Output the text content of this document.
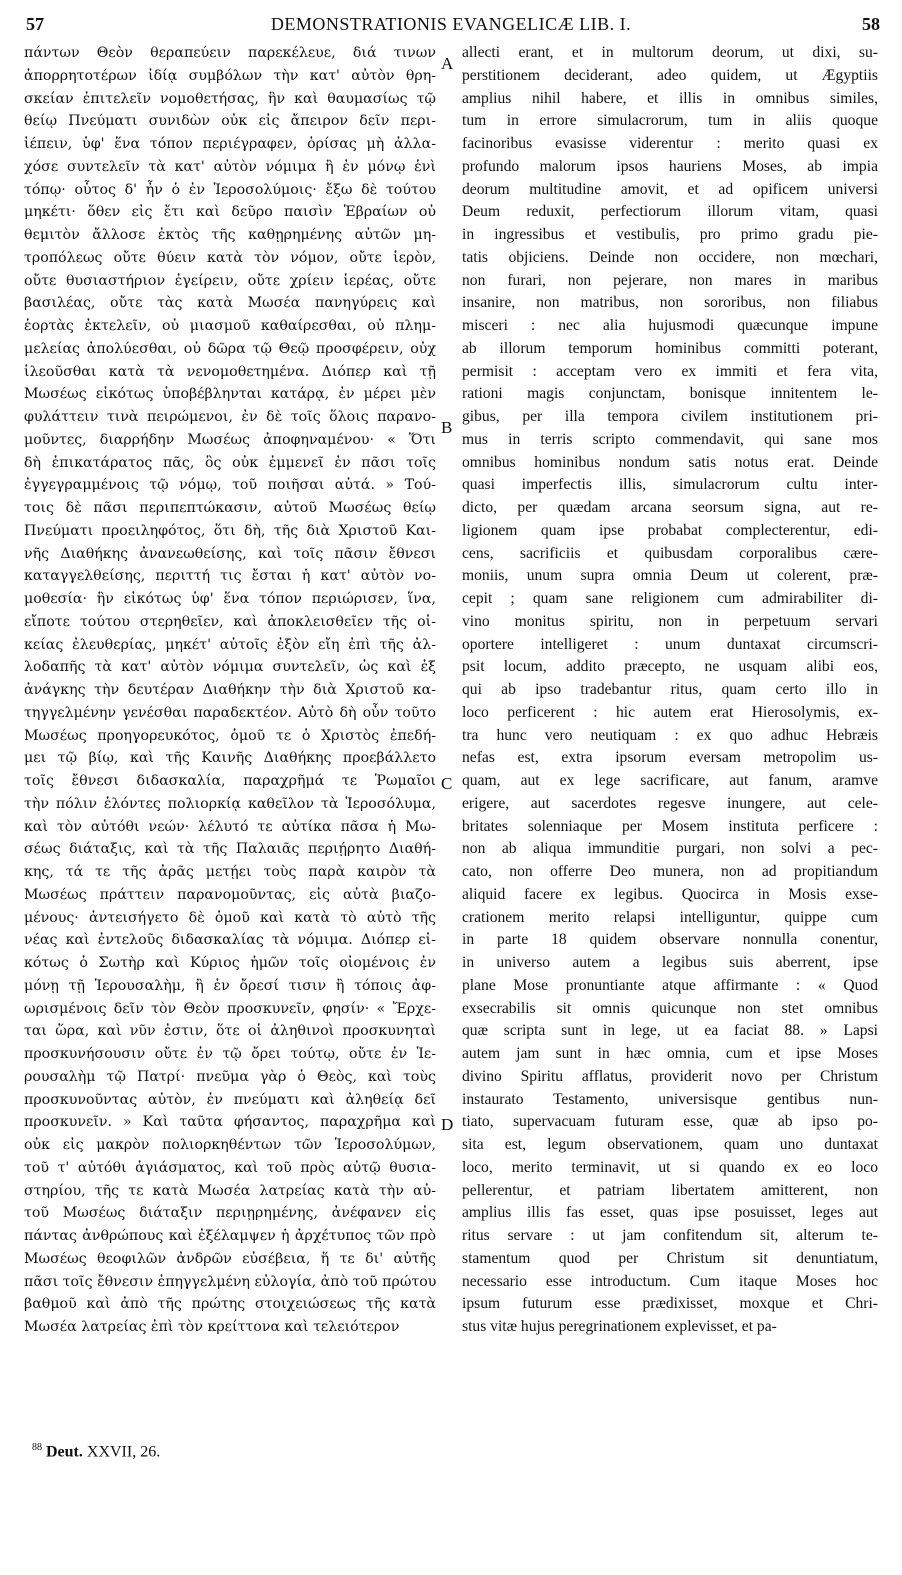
57	DEMONSTRATIONIS EVANGELICÆ LIB. I.	58
πάντων Θεὸν θεραπεύειν παρεκέλευε, διά τινων
ἀπορρητοτέρων ἰδίᾳ συμβόλων τὴν κατ' αὐτὸν θρη-
σκείαν ἐπιτελεῖν νομοθετήσας, ἣν καὶ θαυμασίως τῷ
θείῳ Πνεύματι συνιδὼν οὐκ εἰς ἄπειρον δεῖν περι-
ἱέπειν, ὑφ' ἕνα τόπον περιέγραφεν, ὁρίσας μὴ ἀλλα-
χόσε συντελεῖν τὰ κατ' αὐτὸν νόμιμα ἢ ἐν μόνῳ ἑνὶ
τόπῳ· οὗτος δ' ἦν ὁ ἐν Ἱεροσολύμοις· ἔξω δὲ τούτου
μηκέτι· ὅθεν εἰς ἔτι καὶ δεῦρο παισὶν Ἑβραίων οὐ
θεμιτὸν ἄλλοσε ἐκτὸς τῆς καθῃρημένης αὐτῶν μη-
τροπόλεως οὔτε θύειν κατὰ τὸν νόμον, οὔτε ἱερὸν,
οὔτε θυσιαστήριον ἐγείρειν, οὔτε χρίειν ἱερέας, οὔτε
βασιλέας, οὔτε τὰς κατὰ Μωσέα πανηγύρεις καὶ
ἑορτὰς ἐκτελεῖν, οὐ μιασμοῦ καθαίρεσθαι, οὐ πλημ-
μελείας ἀπολύεσθαι, οὐ δῶρα τῷ Θεῷ προσφέρειν, οὐχ
ἱλεοῦσθαι κατὰ τὰ νενομοθετημένα. Διόπερ καὶ τῇ
Μωσέως εἰκότως ὑποβέβληνται κατάρᾳ, ἐν μέρει μὲν
φυλάττειν τινὰ πειρώμενοι, ἐν δὲ τοῖς ὅλοις παρανο-
μοῦντες, διαρρήδην Μωσέως ἀποφηναμένου· « Ὅτι
δὴ ἐπικατάρατος πᾶς, ὃς οὐκ ἐμμενεῖ ἐν πᾶσι τοῖς
ἐγγεγραμμένοις τῷ νόμῳ, τοῦ ποιῆσαι αὐτά. » Τού-
τοις δὲ πᾶσι περιπεπτώκασιν, αὐτοῦ Μωσέως θείῳ
Πνεύματι προειληφότος, ὅτι δὴ, τῆς διὰ Χριστοῦ Και-
νῆς Διαθήκης ἀνανεωθείσης, καὶ τοῖς πᾶσιν ἔθνεσι
καταγγελθείσης, περιττή τις ἔσται ἡ κατ' αὐτὸν νο-
μοθεσία· ἣν εἰκότως ὑφ' ἕνα τόπον περιώρισεν, ἵνα,
εἴποτε τούτου στερηθεῖεν, καὶ ἀποκλεισθεῖεν τῆς οἰ-
κείας ἐλευθερίας, μηκέτ' αὐτοῖς ἐξὸν εἴη ἐπὶ τῆς ἀλ-
λοδαπῆς τὰ κατ' αὐτὸν νόμιμα συντελεῖν, ὡς καὶ ἐξ
ἀνάγκης τὴν δευτέραν Διαθήκην τὴν διὰ Χριστοῦ κα-
τηγγελμένην γενέσθαι παραδεκτέον. Αὐτὸ δὴ οὖν τοῦτο
Μωσέως προηγορευκότος, ὁμοῦ τε ὁ Χριστὸς ἐπεδή-
μει τῷ βίῳ, καὶ τῆς Καινῆς Διαθήκης προεβάλλετο
τοῖς ἔθνεσι διδασκαλία, παραχρῆμά τε Ῥωμαῖοι
τὴν πόλιν ἑλόντες πολιορκίᾳ καθεῖλον τὰ Ἱεροσόλυμα,
καὶ τὸν αὐτόθι νεών· λέλυτό τε αὐτίκα πᾶσα ἡ Μω-
σέως διάταξις, καὶ τὰ τῆς Παλαιᾶς περιῄρητο Διαθή-
κης, τά τε τῆς ἀρᾶς μετῄει τοὺς παρὰ καιρὸν τὰ
Μωσέως πράττειν παρανομοῦντας, εἰς αὐτὰ βιαζο-
μένους· ἀντεισήγετο δὲ ὁμοῦ καὶ κατὰ τὸ αὐτὸ τῆς
νέας καὶ ἐντελοῦς διδασκαλίας τὰ νόμιμα. Διόπερ εἰ-
κότως ὁ Σωτὴρ καὶ Κύριος ἡμῶν τοῖς οἰομένοις ἐν
μόνῃ τῇ Ἱερουσαλὴμ, ἢ ἐν ὄρεσί τισιν ἢ τόποις ἀφ-
ωρισμένοις δεῖν τὸν Θεὸν προσκυνεῖν, φησίν· « Ἔρχε-
ται ὥρα, καὶ νῦν ἐστιν, ὅτε οἱ ἀληθινοὶ προσκυνηταὶ
προσκυνήσουσιν οὔτε ἐν τῷ ὄρει τούτῳ, οὔτε ἐν Ἱε-
ρουσαλὴμ τῷ Πατρί· πνεῦμα γὰρ ὁ Θεὸς, καὶ τοὺς
προσκυνοῦντας αὐτὸν, ἐν πνεύματι καὶ ἀληθείᾳ δεῖ
προσκυνεῖν. » Καὶ ταῦτα φήσαντος, παραχρῆμα καὶ
οὐκ εἰς μακρὸν πολιορκηθέντων τῶν Ἱεροσολύμων,
τοῦ τ' αὐτόθι ἁγιάσματος, καὶ τοῦ πρὸς αὐτῷ θυσια-
στηρίου, τῆς τε κατὰ Μωσέα λατρείας κατὰ τὴν αὐ-
τοῦ Μωσέως διάταξιν περιῃρημένης, ἀνέφανεν εἰς
πάντας ἀνθρώπους καὶ ἐξέλαμψεν ἡ ἀρχέτυπος τῶν πρὸ
Μωσέως θεοφιλῶν ἀνδρῶν εὐσέβεια, ἥ τε δι' αὐτῆς
πᾶσι τοῖς ἔθνεσιν ἐπηγγελμένη εὐλογία, ἀπὸ τοῦ πρώτου
βαθμοῦ καὶ ἀπὸ τῆς πρώτης στοιχειώσεως τῆς κατὰ
Μωσέα λατρείας ἐπὶ τὸν κρείττονα καὶ τελειότερον
allecti erant, et in multorum deorum, ut dixi, su-
perstitionem deciderant, adeo quidem, ut Ægyptiis
amplius nihil habere, et illis in omnibus similes,
tum in errore simulacrorum, tum in aliis quoque
facinoribus evasisse viderentur : merito quasi ex
profundo malorum ipsos hauriens Moses, ab impia
deorum multitudine amovit, et ad opificem universi
Deum reduxit, perfectiorum illorum vitam, quasi
in ingressibus et vestibulis, pro primo gradu pie-
tatis objiciens. Deinde non occidere, non mœchari,
non furari, non pejerare, non mares in maribus
insanire, non matribus, non sororibus, non filiabus
misceri : nec alia hujusmodi quæcunque impune
ab illorum temporum hominibus committi poterant,
permisit : acceptam vero ex immiti et fera vita,
rationi magis conjunctam, bonisque innitentem le-
gibus, per illa tempora civilem institutionem pri-
mus in terris scripto commendavit, qui sane mos
omnibus hominibus nondum satis notus erat. Deinde
quasi imperfectis illis, simulacrorum cultu inter-
dicto, per quædam arcana seorsum signa, aut re-
ligionem quam ipse probabat complecterentur, edi-
cens, sacrificiis et quibusdam corporalibus cære-
moniis, unum supra omnia Deum ut colerent, præ-
cepit ; quam sane religionem cum admirabiliter di-
vino monitus spiritu, non in perpetuum servari
oportere intelligeret : unum duntaxat circumscri-
psit locum, addito præcepto, ne usquam alibi eos,
qui ab ipso tradebantur ritus, quam certo illo in
loco perficerent : hic autem erat Hierosolymis, ex-
tra hunc vero neutiquam : ex quo adhuc Hebræis
nefas est, extra ipsorum eversam metropolim us-
quam, aut ex lege sacrificare, aut fanum, aramve
erigere, aut sacerdotes regesve inungere, aut cele-
britates solenniaque per Mosem instituta perficere :
non ab aliqua immunditie purgari, non solvi a pec-
cato, non offerre Deo munera, non ad propitiandum
aliquid facere ex legibus. Quocirca in Mosis exse-
crationem merito relapsi intelliguntur, quippe cum
in parte 18 quidem observare nonnulla conentur,
in universo autem a legibus suis aberrent, ipse
plane Mose pronuntiante atque affirmante : « Quod
exsecrabilis sit omnis quicunque non stet omnibus
quæ scripta sunt in lege, ut ea faciat 88. » Lapsi
autem jam sunt in hæc omnia, cum et ipse Moses
divino Spiritu afflatus, providerit novo per Christum
instaurato Testamento, universisque gentibus nun-
tiato, supervacuam futuram esse, quæ ab ipso po-
sita est, legum observationem, quam uno duntaxat
loco, merito terminavit, ut si quando ex eo loco
pellerentur, et patriam libertatem amitterent, non
amplius illis fas esset, quas ipse posuisset, leges aut
ritus servare : ut jam confitendum sit, alterum te-
stamentum quod per Christum sit denuntiatum,
necessario esse introductum. Cum itaque Moses hoc
ipsum futurum esse prædixisset, moxque et Chri-
stus vitæ hujus peregrinationem explevisset, et pa-
A
B
C
D
$^{88}$ Deut. XXVII, 26.
